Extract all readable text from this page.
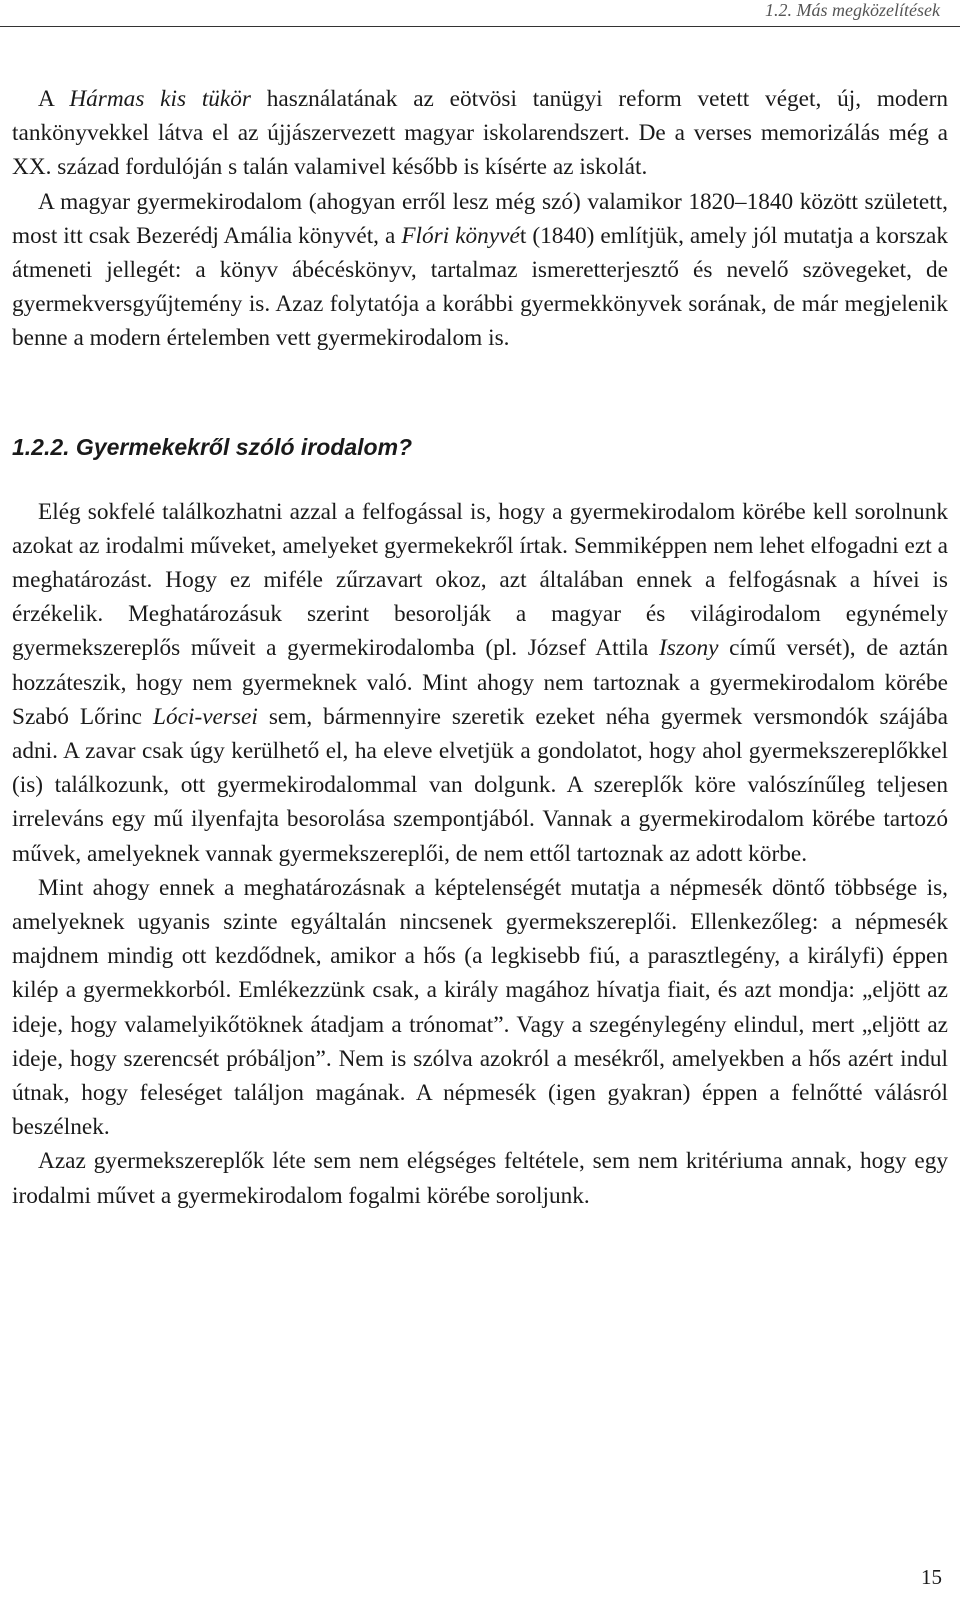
1.2. Más megközelítések

A Hármas kis tükör használatának az eötvösi tanügyi reform vetett véget, új, modern tankönyvekkel látva el az újjászervezett magyar iskolarendszert. De a verses memorizálás még a XX. század fordulóján s talán valamivel később is kísérte az iskolát.

A magyar gyermekirodalom (ahogyan erről lesz még szó) valamikor 1820–1840 között született, most itt csak Bezerédj Amália könyvét, a Flóri könyvét (1840) említjük, amely jól mutatja a korszak átmeneti jellegét: a könyv ábécéskönyv, tartalmaz ismeretterjesztő és nevelő szövegeket, de gyermekversgyűjtemény is. Azaz folytatója a korábbi gyermekkönyvek sorának, de már megjelenik benne a modern értelemben vett gyermekirodalom is.

1.2.2. Gyermekekről szóló irodalom?

Elég sokfelé találkozhatni azzal a felfogással is, hogy a gyermekirodalom körébe kell sorolnunk azokat az irodalmi műveket, amelyeket gyermekekről írtak. Semmiképpen nem lehet elfogadni ezt a meghatározást. Hogy ez miféle zűrzavart okoz, azt általában ennek a felfogásnak a hívei is érzékelik. Meghatározásuk szerint besorolják a magyar és világirodalom egynémely gyermekszereplős műveit a gyermekirodalomba (pl. József Attila Iszony című versét), de aztán hozzáteszik, hogy nem gyermeknek való. Mint ahogy nem tartoznak a gyermekirodalom körébe Szabó Lőrinc Lóci-versei sem, bármennyire szeretik ezeket néha gyermek versmondók szájába adni. A zavar csak úgy kerülhető el, ha eleve elvetjük a gondolatot, hogy ahol gyermekszereplőkkel (is) találkozunk, ott gyermekirodalommal van dolgunk. A szereplők köre valószínűleg teljesen irreleváns egy mű ilyenfajta besorolása szempontjából. Vannak a gyermekirodalom körébe tartozó művek, amelyeknek vannak gyermekszereplői, de nem ettől tartoznak az adott körbe.

Mint ahogy ennek a meghatározásnak a képtelenségét mutatja a népmesék döntő többsége is, amelyeknek ugyanis szinte egyáltalán nincsenek gyermekszereplői. Ellenkezőleg: a népmesék majdnem mindig ott kezdődnek, amikor a hős (a legkisebb fiú, a parasztlegény, a királyfi) éppen kilép a gyermekkorból. Emlékezzünk csak, a király magához hívatja fiait, és azt mondja: „eljött az ideje, hogy valamelyikőtöknek átadjam a trónomat”. Vagy a szegénylegény elindul, mert „eljött az ideje, hogy szerencsét próbáljon”. Nem is szólva azokról a mesékről, amelyekben a hős azért indul útnak, hogy feleséget találjon magának. A népmesék (igen gyakran) éppen a felnőtté válásról beszélnek.

Azaz gyermekszereplők léte sem nem elégséges feltétele, sem nem kritériuma annak, hogy egy irodalmi művet a gyermekirodalom fogalmi körébe soroljunk.

15
